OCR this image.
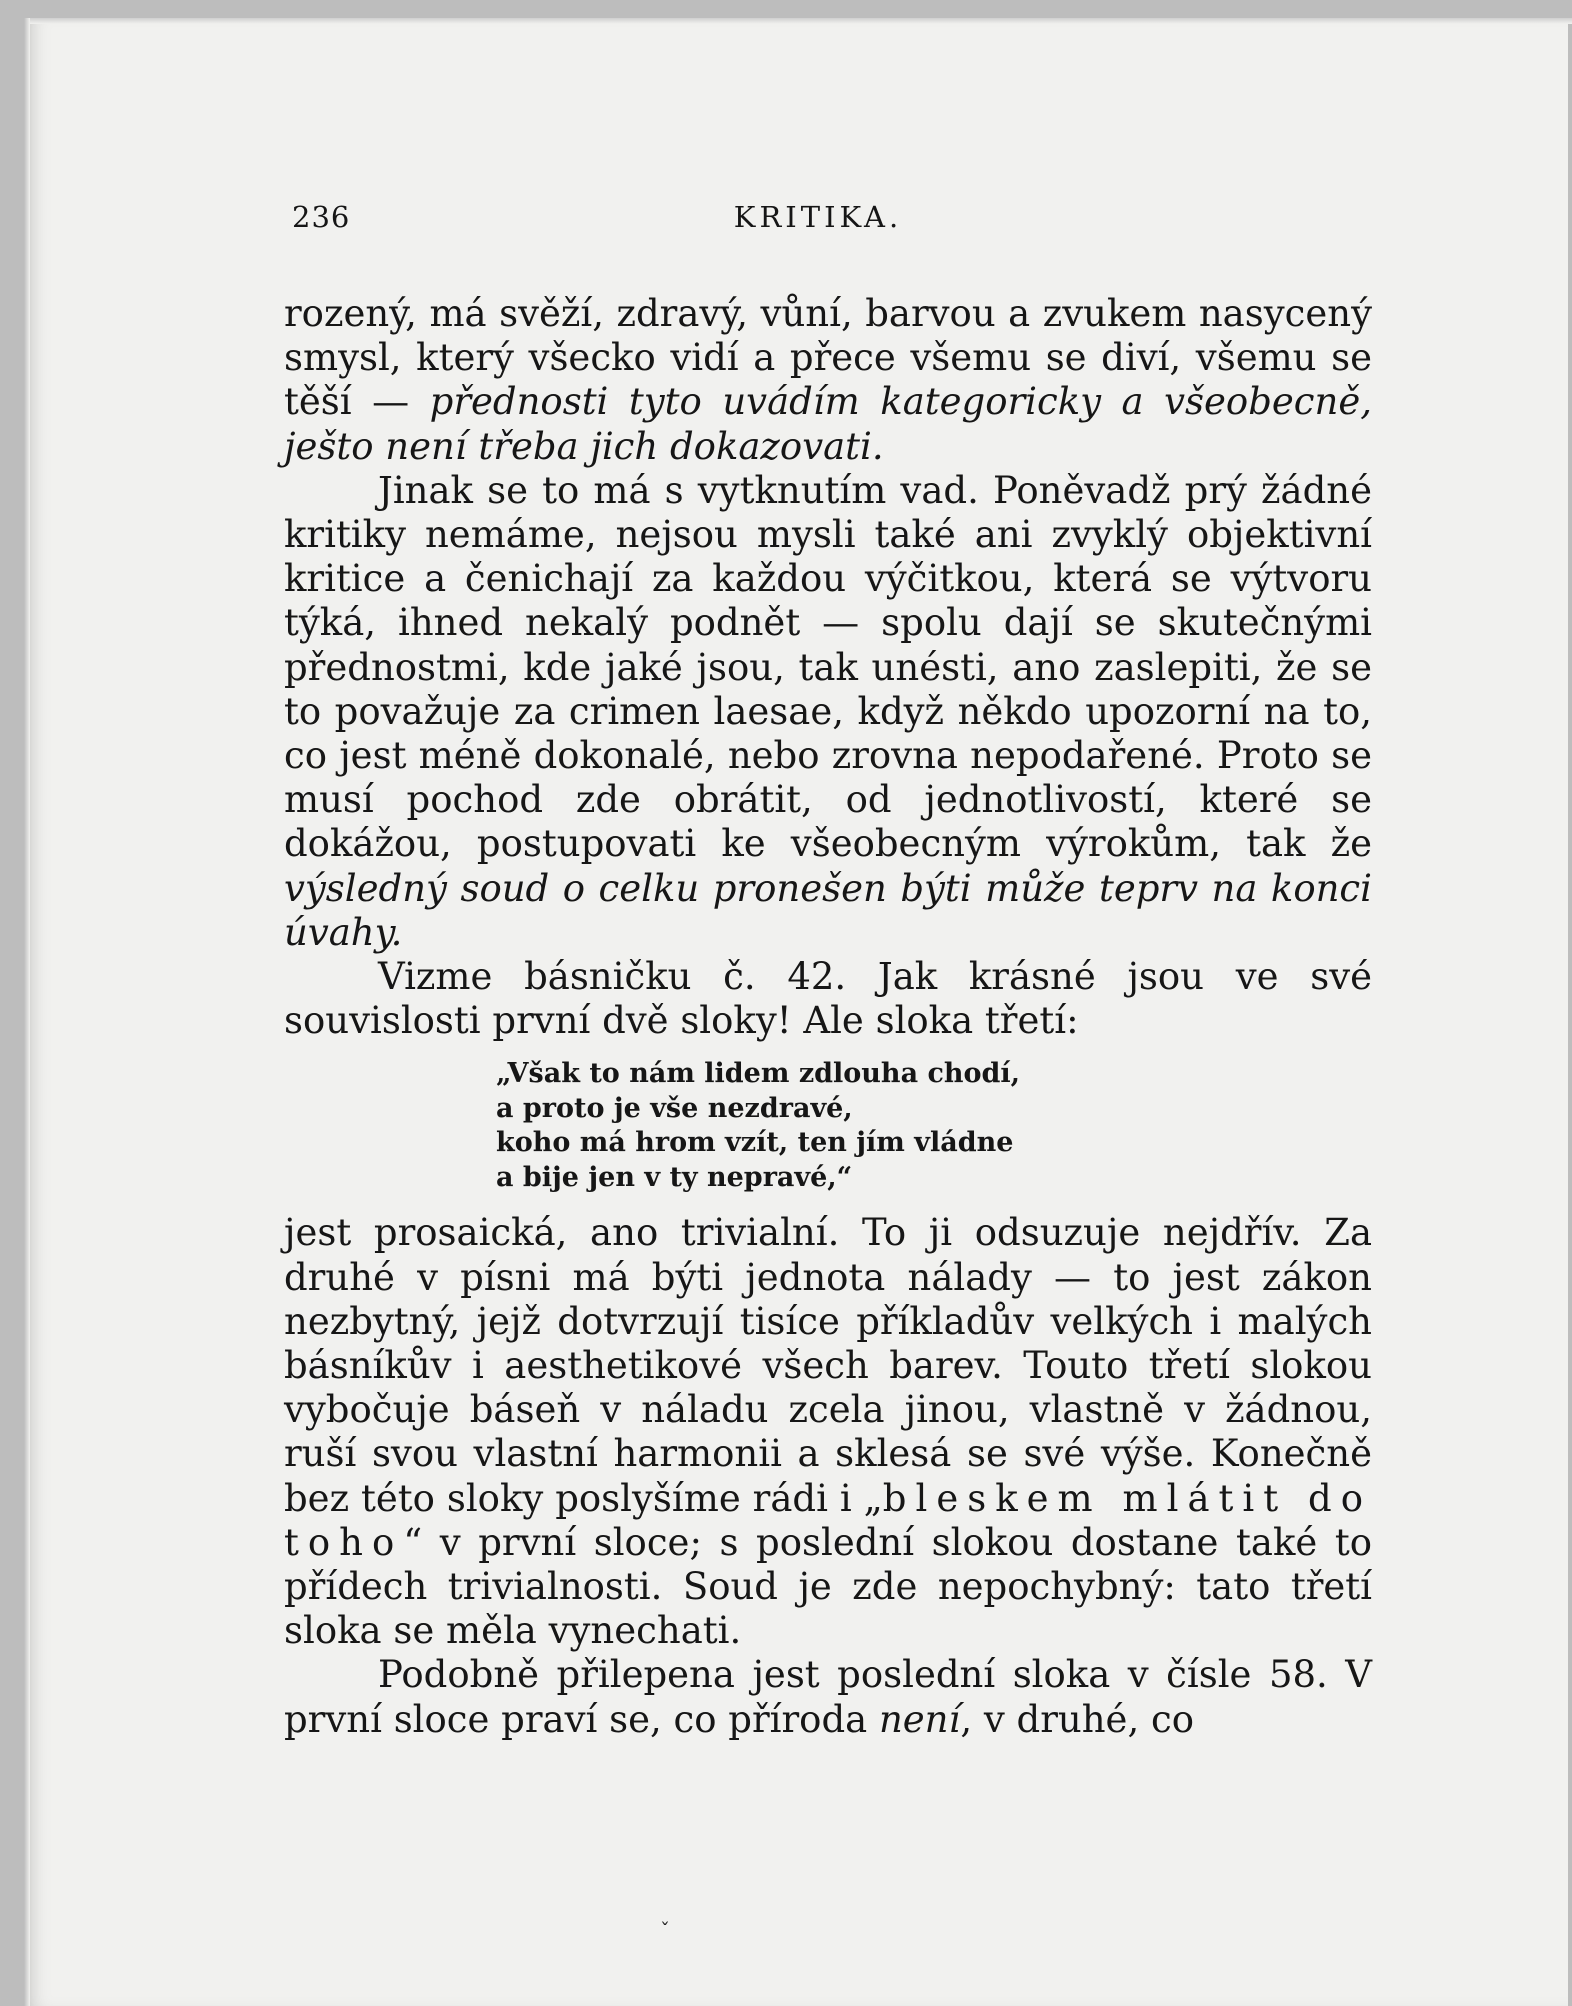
236	KRITIKA.

rozený, má svěží, zdravý, vůní, barvou a zvukem nasycený smysl, který všecko vidí a přece všemu se diví, všemu se těší — přednosti tyto uvádím kategoricky a všeobecně, ješto není třeba jich dokazovati.

Jinak se to má s vytknutím vad. Poněvadž prý žádné kritiky nemáme, nejsou mysli také ani zvyklý objektivní kritice a čenichají za každou výčitkou, která se výtvoru týká, ihned nekalý podnět — spolu dají se skutečnými přednostmi, kde jaké jsou, tak unésti, ano zaslepiti, že se to považuje za crimen laesae, když někdo upozorní na to, co jest méně dokonalé, nebo zrovna nepodařené. Proto se musí pochod zde obrátit, od jednotlivostí, které se dokážou, postupovati ke všeobecným výrokům, tak že výsledný soud o celku pronešen býti může teprv na konci úvahy.

Vizme básničku č. 42. Jak krásné jsou ve své souvislosti první dvě sloky! Ale sloka třetí:

„Však to nám lidem zdlouha chodí,
a proto je vše nezdravé,
koho má hrom vzít, ten jím vládne
a bije jen v ty nepravé,“

jest prosaická, ano trivialní. To ji odsuzuje nejdřív. Za druhé v písni má býti jednota nálady — to jest zákon nezbytný, jejž dotvrzují tisíce příkladův velkých i malých básníkův i aesthetikové všech barev. Touto třetí slokou vybočuje báseň v náladu zcela jinou, vlastně v žádnou, ruší svou vlastní harmonii a sklesá se své výše. Konečně bez této sloky poslyšíme rádi i „bleskem mlátit do toho“ v první sloce; s poslední slokou dostane také to přídech trivialnosti. Soud je zde nepochybný: tato třetí sloka se měla vynechati.

Podobně přilepena jest poslední sloka v čísle 58. V první sloce praví se, co příroda není, v druhé, co

ˇ
